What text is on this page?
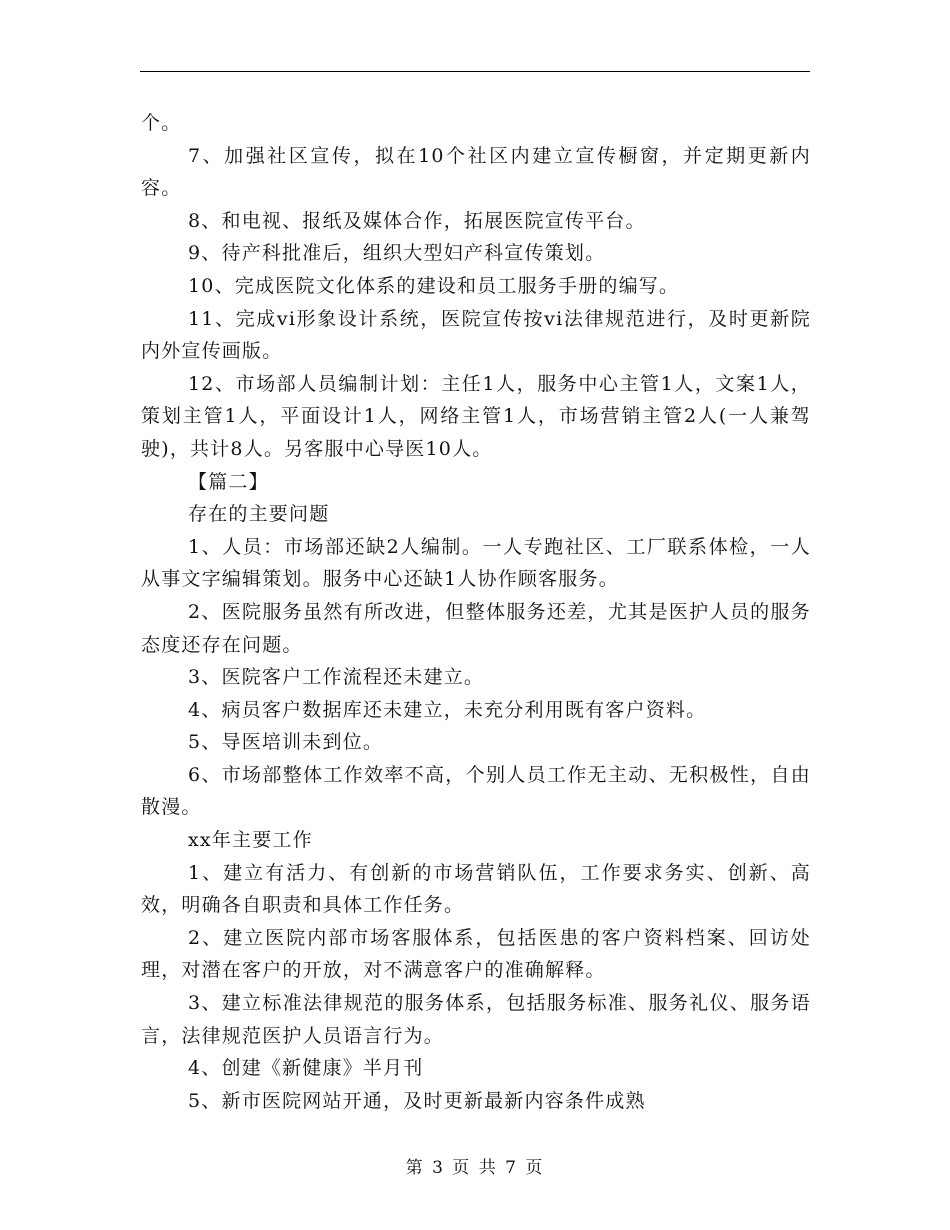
个。

7、加强社区宣传，拟在10个社区内建立宣传橱窗，并定期更新内容。

8、和电视、报纸及媒体合作，拓展医院宣传平台。

9、待产科批准后，组织大型妇产科宣传策划。

10、完成医院文化体系的建设和员工服务手册的编写。

11、完成vi形象设计系统，医院宣传按vi法律规范进行，及时更新院内外宣传画版。

12、市场部人员编制计划：主任1人，服务中心主管1人，文案1人，策划主管1人，平面设计1人，网络主管1人，市场营销主管2人(一人兼驾驶)，共计8人。另客服中心导医10人。

【篇二】

存在的主要问题

1、人员：市场部还缺2人编制。一人专跑社区、工厂联系体检，一人从事文字编辑策划。服务中心还缺1人协作顾客服务。

2、医院服务虽然有所改进，但整体服务还差，尤其是医护人员的服务态度还存在问题。

3、医院客户工作流程还未建立。

4、病员客户数据库还未建立，未充分利用既有客户资料。

5、导医培训未到位。

6、市场部整体工作效率不高，个别人员工作无主动、无积极性，自由散漫。

xx年主要工作

1、建立有活力、有创新的市场营销队伍，工作要求务实、创新、高效，明确各自职责和具体工作任务。

2、建立医院内部市场客服体系，包括医患的客户资料档案、回访处理，对潜在客户的开放，对不满意客户的准确解释。

3、建立标准法律规范的服务体系，包括服务标准、服务礼仪、服务语言，法律规范医护人员语言行为。

4、创建《新健康》半月刊

5、新市医院网站开通，及时更新最新内容条件成熟

第 3 页 共 7 页
